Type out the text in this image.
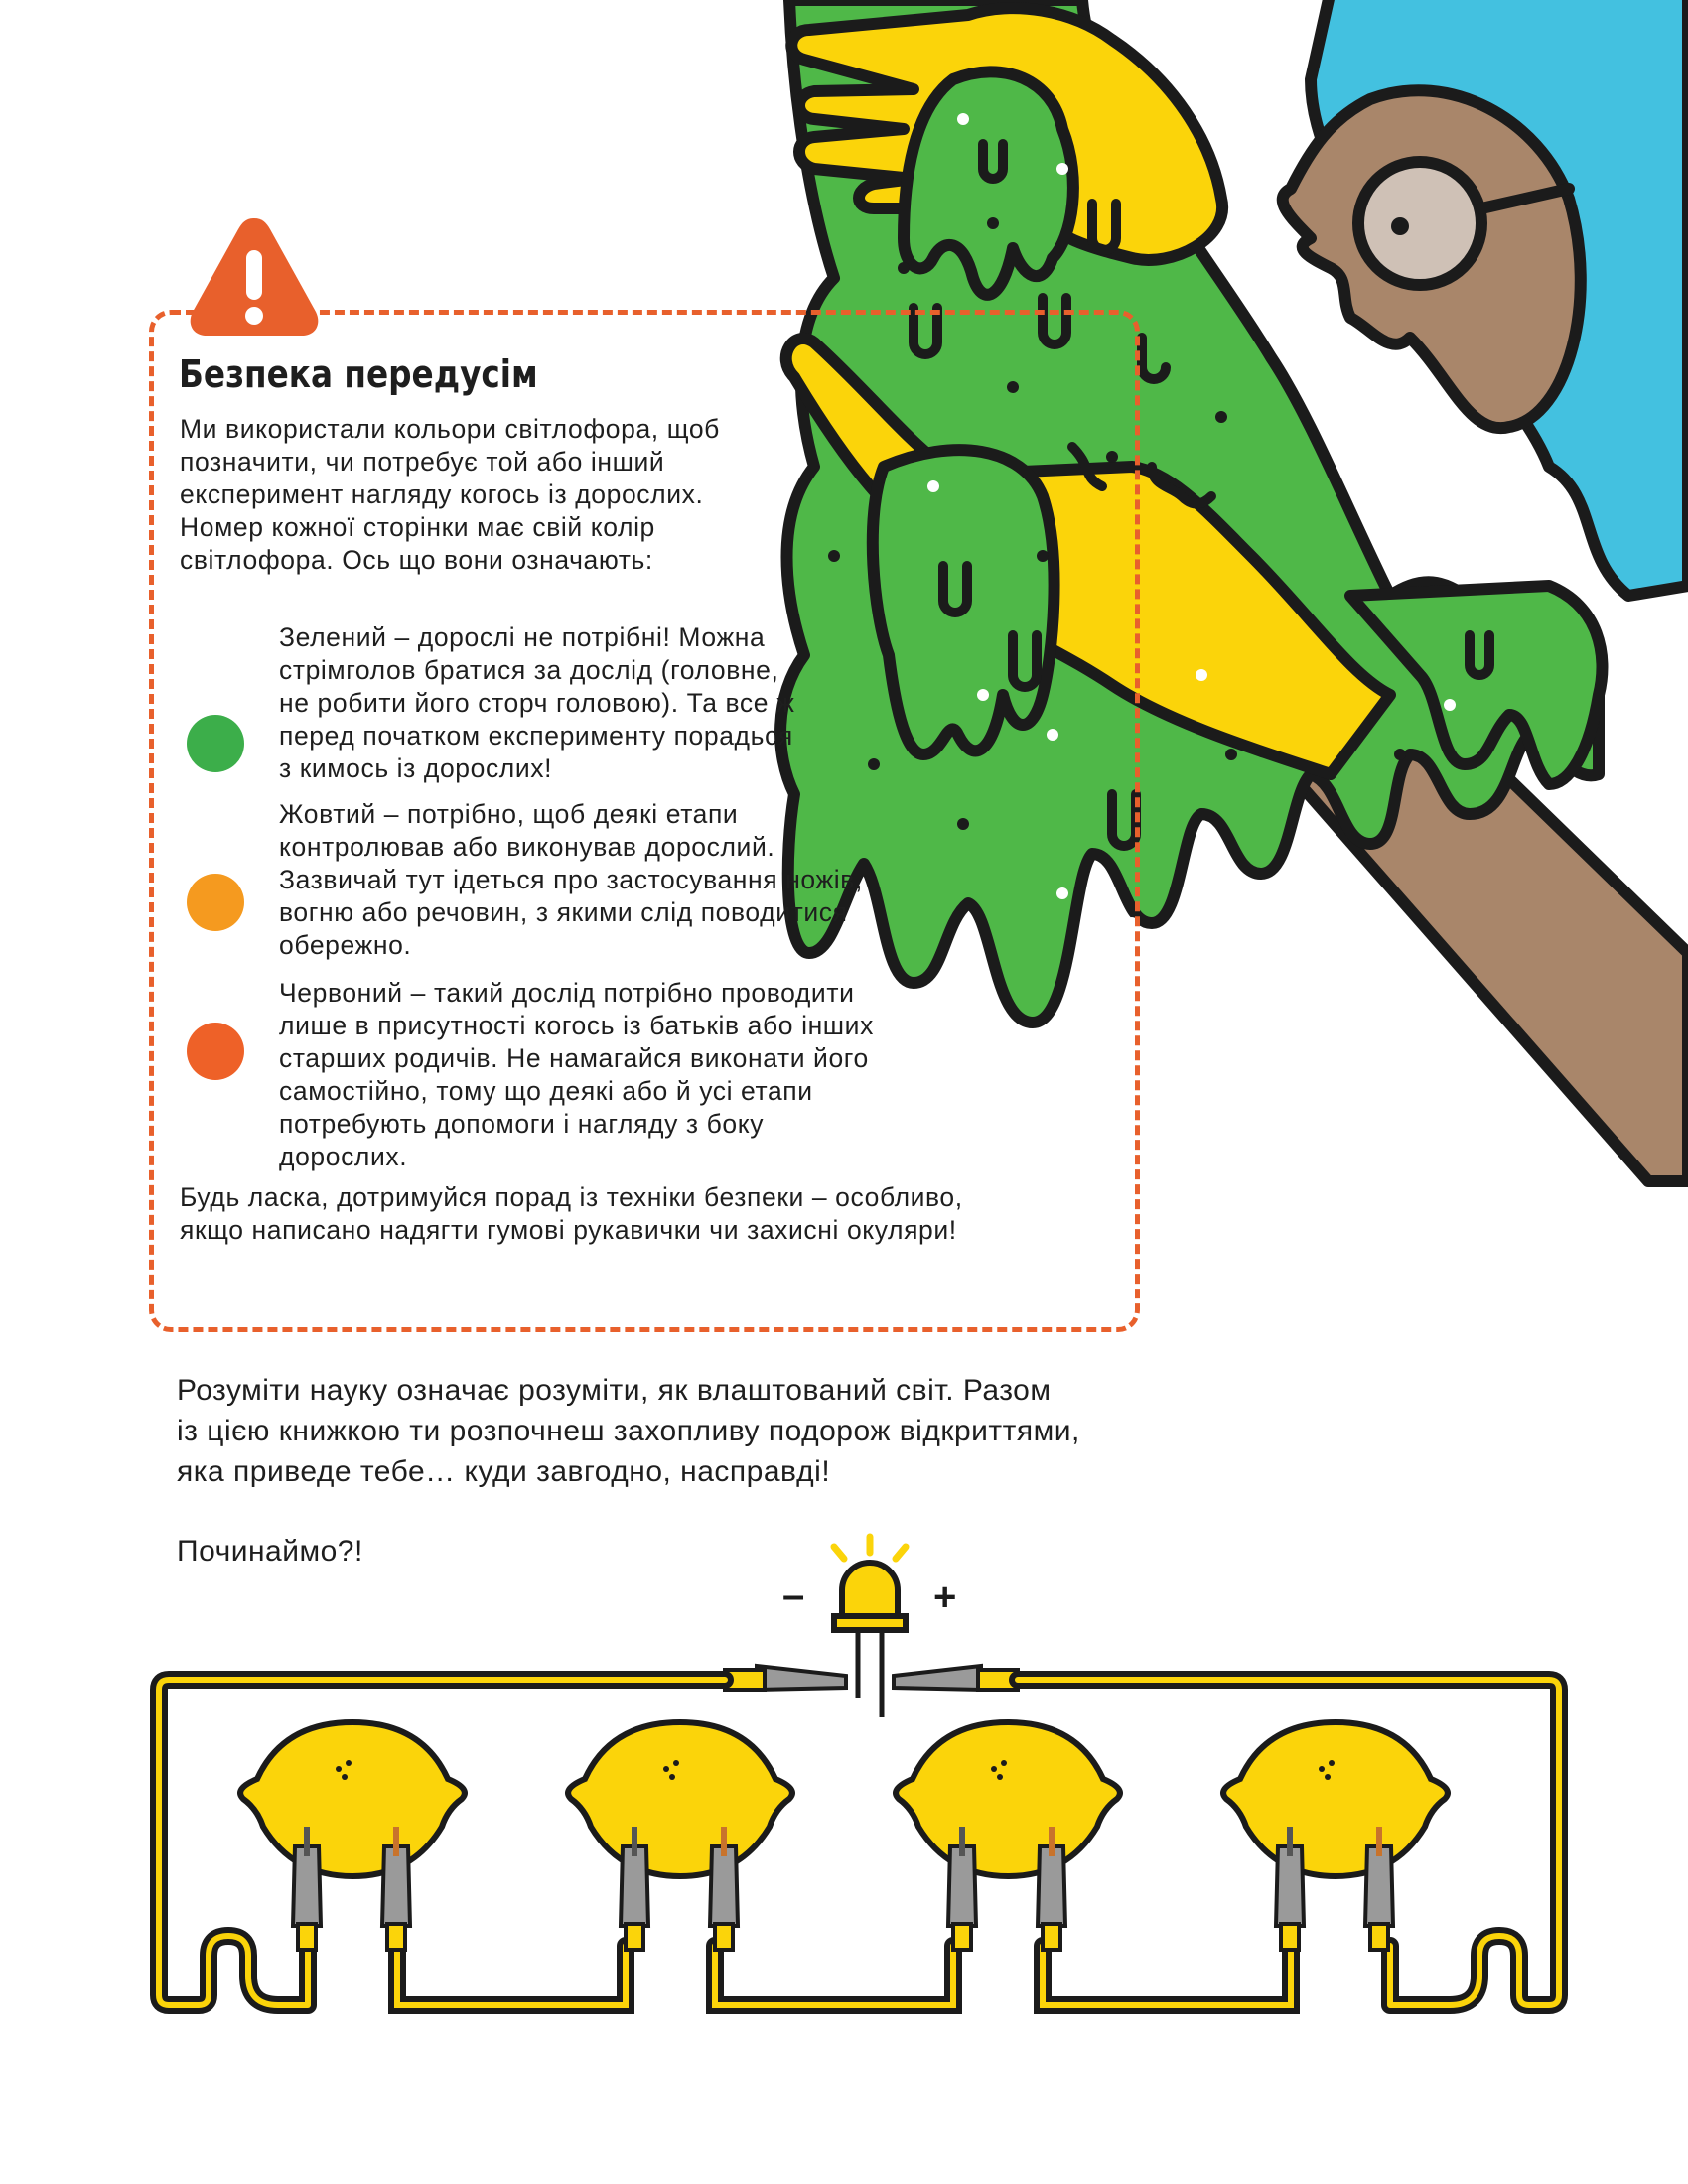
Безпека передусім
Ми використали кольори світлофора, щоб
позначити, чи потребує той або інший
експеримент нагляду когось із дорослих.
Номер кожної сторінки має свій колір
світлофора. Ось що вони означають:
Зелений – дорослі не потрібні! Можна
стрімголов братися за дослід (головне,
не робити його сторч головою). Та все ж
перед початком експерименту порадься
з кимось із дорослих!
Жовтий – потрібно, щоб деякі етапи
контролював або виконував дорослий.
Зазвичай тут ідеться про застосування ножів,
вогню або речовин, з якими слід поводитися
обережно.
Червоний – такий дослід потрібно проводити
лише в присутності когось із батьків або інших
старших родичів. Не намагайся виконати його
самостійно, тому що деякі або й усі етапи
потребують допомоги і нагляду з боку дорослих.
Будь ласка, дотримуйся порад із техніки безпеки – особливо,
якщо написано надягти гумові рукавички чи захисні окуляри!
Розуміти науку означає розуміти, як влаштований світ. Разом
із цією книжкою ти розпочнеш захопливу подорож відкриттями,
яка приведе тебе… куди завгодно, насправді!
Починаймо?!
–	+
